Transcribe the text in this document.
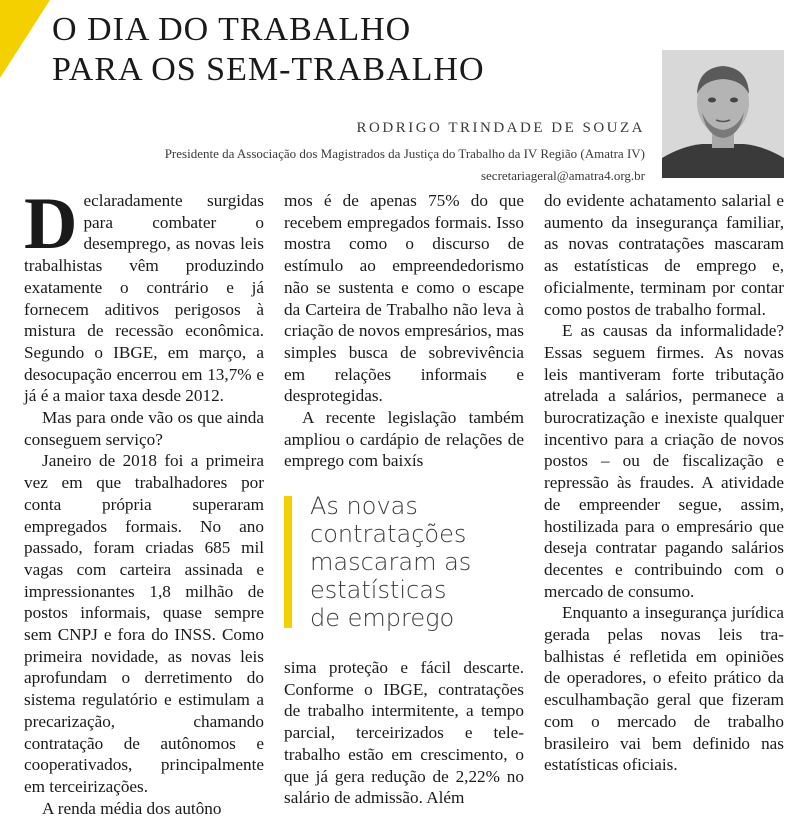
O DIA DO TRABALHO
PARA OS SEM-TRABALHO
RODRIGO TRINDADE DE SOUZA
Presidente da Associação dos Magistrados da Justiça do Trabalho da IV Região (Amatra IV)
secretariageral@amatra4.org.br

Declaradamente surgidas para combater o desemprego, as novas leis trabalhistas vêm produzindo exatamente o contrário e já fornecem aditivos perigosos à mistura de recessão econômica. Segundo o IBGE, em março, a desocupação encerrou em 13,7% e já é a maior taxa desde 2012.

Mas para onde vão os que ainda conseguem serviço?

Janeiro de 2018 foi a primeira vez em que trabalhadores por conta própria superaram empregados formais. No ano passado, foram criadas 685 mil vagas com carteira assinada e impressionantes 1,8 milhão de postos informais, quase sempre sem CNPJ e fora do INSS. Como primeira novidade, as novas leis aprofundam o derretimento do sistema regulatório e estimulam a precarização, chamando contratação de autônomos e cooperativados, principalmente em terceirizações.

A renda média dos autôno

mos é de apenas 75% do que recebem empregados formais. Isso mostra como o discurso de estímulo ao empreendedorismo não se sustenta e como o escape da Carteira de Trabalho não leva à criação de novos empresários, mas simples busca de sobrevivência em relações informais e desprotegidas.

A recente legislação também ampliou o cardápio de relações de emprego com baixís

As novas
contratações
mascaram as
estatísticas
de emprego

sima proteção e fácil descarte. Conforme o IBGE, contratações de trabalho intermitente, a tempo parcial, terceirizados e teletrabalho estão em crescimento, o que já gera redução de 2,22% no salário de admissão. Além

do evidente achatamento salarial e aumento da insegurança familiar, as novas contratações mascaram as estatísticas de emprego e, oficialmente, terminam por contar como postos de trabalho formal.

E as causas da informalidade? Essas seguem firmes. As novas leis mantiveram forte tributação atrelada a salários, permanece a burocratização e inexiste qualquer incentivo para a criação de novos postos – ou de fiscalização e repressão às fraudes. A atividade de empreender segue, assim, hostilizada para o empresário que deseja contratar pagando salários decentes e contribuindo com o mercado de consumo.

Enquanto a insegurança jurídica gerada pelas novas leis trabalhistas é refletida em opiniões de operadores, o efeito prático da esculhambação geral que fizeram com o mercado de trabalho brasileiro vai bem definido nas estatísticas oficiais.
